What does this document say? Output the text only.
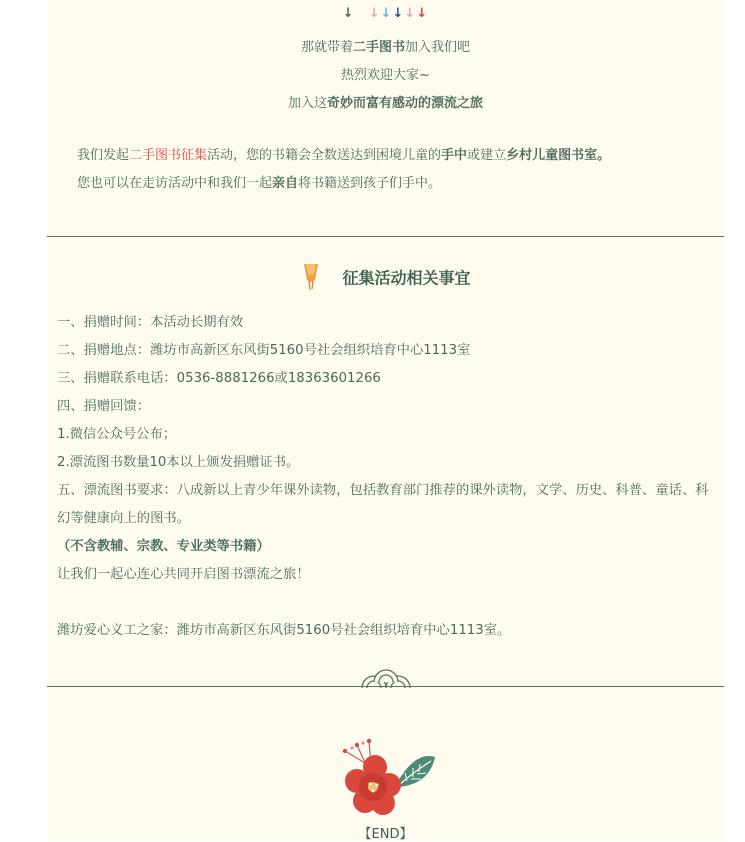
↓ ↓↓↓↓↓
那就带着二手图书加入我们吧
热烈欢迎大家~
加入这奇妙而富有感动的漂流之旅
我们发起二手图书征集活动，您的书籍会全数送达到困境儿童的手中或建立乡村儿童图书室。
您也可以在走访活动中和我们一起亲自将书籍送到孩子们手中。
征集活动相关事宜
一、捐赠时间：本活动长期有效
二、捐赠地点：潍坊市高新区东风街5160号社会组织培育中心1113室
三、捐赠联系电话：0536-8881266或18363601266
四、捐赠回馈：
1.微信公众号公布；
2.漂流图书数量10本以上颁发捐赠证书。
五、漂流图书要求：八成新以上青少年课外读物，包括教育部门推荐的课外读物，文学、历史、科普、童话、科幻等健康向上的图书。
（不含教辅、宗教、专业类等书籍）
让我们一起心连心共同开启图书漂流之旅！
潍坊爱心义工之家：潍坊市高新区东风街5160号社会组织培育中心1113室。
【END】
